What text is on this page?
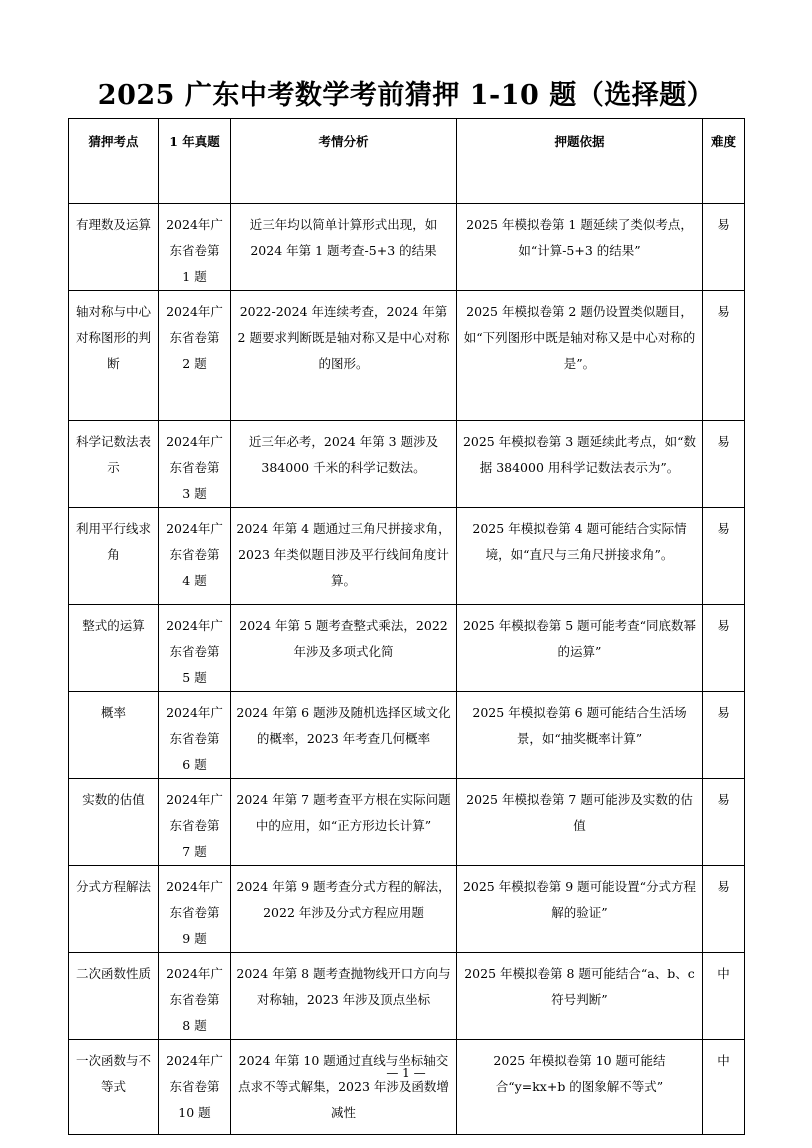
2025 广东中考数学考前猜押 1-10 题（选择题）
猜押考点	1 年真题	考情分析	押题依据	难度
有理数及运算	2024年广东省卷第 1 题	近三年均以简单计算形式出现，如2024 年第 1 题考查-5+3 的结果	2025 年模拟卷第 1 题延续了类似考点，如“计算-5+3 的结果”	易
轴对称与中心对称图形的判断	2024年广东省卷第 2 题	2022-2024 年连续考查，2024 年第 2 题要求判断既是轴对称又是中心对称的图形。	2025 年模拟卷第 2 题仍设置类似题目，如“下列图形中既是轴对称又是中心对称的是”。	易
科学记数法表示	2024年广东省卷第 3 题	近三年必考，2024 年第 3 题涉及384000 千米的科学记数法。	2025 年模拟卷第 3 题延续此考点，如“数据 384000 用科学记数法表示为”。	易
利用平行线求角	2024年广东省卷第 4 题	2024 年第 4 题通过三角尺拼接求角，2023 年类似题目涉及平行线间角度计算。	2025 年模拟卷第 4 题可能结合实际情境，如“直尺与三角尺拼接求角”。	易
整式的运算	2024年广东省卷第 5 题	2024 年第 5 题考查整式乘法，2022年涉及多项式化简	2025 年模拟卷第 5 题可能考查“同底数幂的运算”	易
概率	2024年广东省卷第 6 题	2024 年第 6 题涉及随机选择区域文化的概率，2023 年考查几何概率	2025 年模拟卷第 6 题可能结合生活场景，如“抽奖概率计算”	易
实数的估值	2024年广东省卷第 7 题	2024 年第 7 题考查平方根在实际问题中的应用，如“正方形边长计算”	2025 年模拟卷第 7 题可能涉及实数的估值	易
分式方程解法	2024年广东省卷第 9 题	2024 年第 9 题考查分式方程的解法，2022 年涉及分式方程应用题	2025 年模拟卷第 9 题可能设置“分式方程解的验证”	易
二次函数性质	2024年广东省卷第 8 题	2024 年第 8 题考查抛物线开口方向与对称轴，2023 年涉及顶点坐标	2025 年模拟卷第 8 题可能结合“a、b、c 符号判断”	中
一次函数与不等式	2024年广东省卷第 10 题	2024 年第 10 题通过直线与坐标轴交点求不等式解集，2023 年涉及函数增减性	2025 年模拟卷第 10 题可能结合“y=kx+b 的图象解不等式”	中
— 1 —
